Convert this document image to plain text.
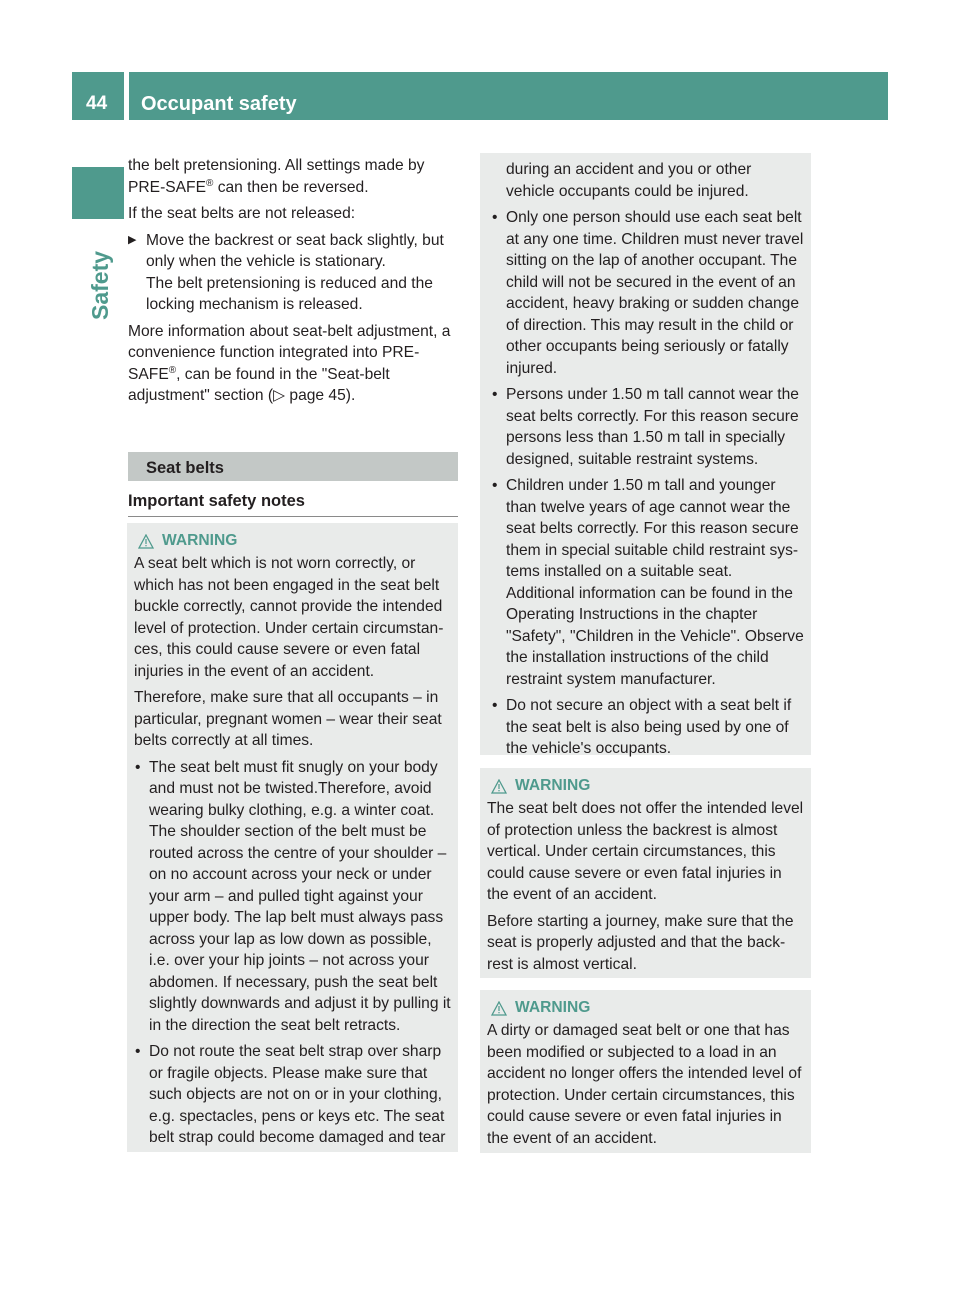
44	Occupant safety
Safety

the belt pretensioning. All settings made by PRE-SAFE® can then be reversed.

If the seat belts are not released:

▶ Move the backrest or seat back slightly, but only when the vehicle is stationary.

The belt pretensioning is reduced and the locking mechanism is released.

More information about seat-belt adjustment, a convenience function integrated into PRE-SAFE®, can be found in the "Seat-belt adjustment" section (▷ page 45).

Seat belts
Important safety notes
WARNING

A seat belt which is not worn correctly, or which has not been engaged in the seat belt buckle correctly, cannot provide the intended level of protection. Under certain circumstances, this could cause severe or even fatal injuries in the event of an accident.

Therefore, make sure that all occupants – in particular, pregnant women – wear their seat belts correctly at all times.

• The seat belt must fit snugly on your body and must not be twisted.Therefore, avoid wearing bulky clothing, e.g. a winter coat. The shoulder section of the belt must be routed across the centre of your shoulder – on no account across your neck or under your arm – and pulled tight against your upper body. The lap belt must always pass across your lap as low down as possible, i.e. over your hip joints – not across your abdomen. If necessary, push the seat belt slightly downwards and adjust it by pulling it in the direction the seat belt retracts.

• Do not route the seat belt strap over sharp or fragile objects. Please make sure that such objects are not on or in your clothing, e.g. spectacles, pens or keys etc. The seat belt strap could become damaged and tear

during an accident and you or other vehicle occupants could be injured.

• Only one person should use each seat belt at any one time. Children must never travel sitting on the lap of another occupant. The child will not be secured in the event of an accident, heavy braking or sudden change of direction. This may result in the child or other occupants being seriously or fatally injured.

• Persons under 1.50 m tall cannot wear the seat belts correctly. For this reason secure persons less than 1.50 m tall in specially designed, suitable restraint systems.

• Children under 1.50 m tall and younger than twelve years of age cannot wear the seat belts correctly. For this reason secure them in special suitable child restraint systems installed on a suitable seat. Additional information can be found in the Operating Instructions in the chapter "Safety", "Children in the Vehicle". Observe the installation instructions of the child restraint system manufacturer.

• Do not secure an object with a seat belt if the seat belt is also being used by one of the vehicle's occupants.

WARNING

The seat belt does not offer the intended level of protection unless the backrest is almost vertical. Under certain circumstances, this could cause severe or even fatal injuries in the event of an accident.

Before starting a journey, make sure that the seat is properly adjusted and that the backrest is almost vertical.

WARNING

A dirty or damaged seat belt or one that has been modified or subjected to a load in an accident no longer offers the intended level of protection. Under certain circumstances, this could cause severe or even fatal injuries in the event of an accident.
